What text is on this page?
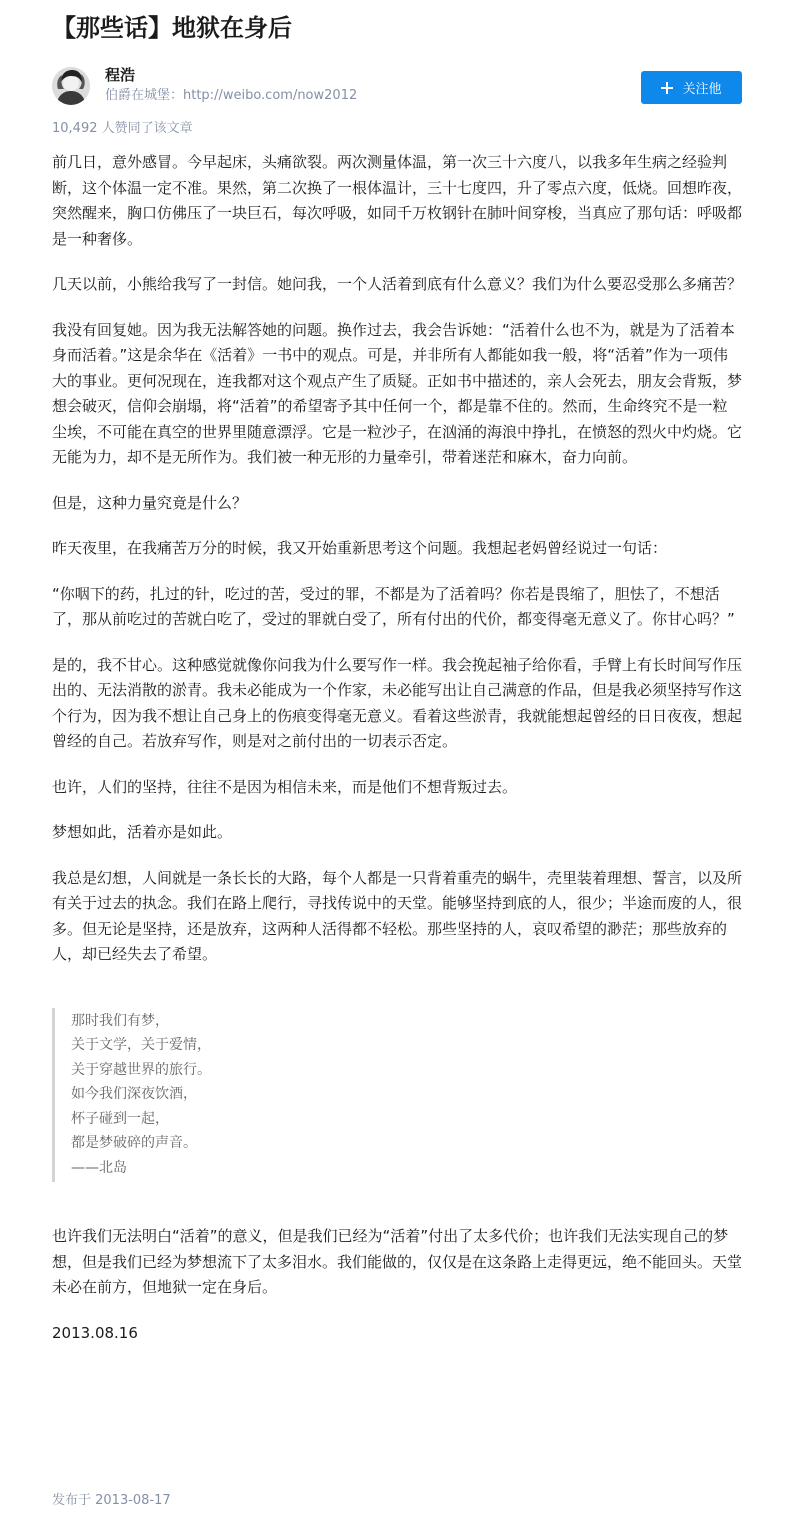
【那些话】地狱在身后
程浩
伯爵在城堡：http://weibo.com/now2012	关注他
10,492 人赞同了该文章

前几日，意外感冒。今早起床，头痛欲裂。两次测量体温，第一次三十六度八，以我多年生病之经验判断，这个体温一定不准。果然，第二次换了一根体温计，三十七度四，升了零点六度，低烧。回想昨夜，突然醒来，胸口仿佛压了一块巨石，每次呼吸，如同千万枚钢针在肺叶间穿梭，当真应了那句话：呼吸都是一种奢侈。

几天以前，小熊给我写了一封信。她问我，一个人活着到底有什么意义？我们为什么要忍受那么多痛苦？

我没有回复她。因为我无法解答她的问题。换作过去，我会告诉她：“活着什么也不为，就是为了活着本身而活着。”这是余华在《活着》一书中的观点。可是，并非所有人都能如我一般，将“活着”作为一项伟大的事业。更何况现在，连我都对这个观点产生了质疑。正如书中描述的，亲人会死去，朋友会背叛，梦想会破灭，信仰会崩塌，将“活着”的希望寄予其中任何一个，都是靠不住的。然而，生命终究不是一粒尘埃，不可能在真空的世界里随意漂浮。它是一粒沙子，在汹涌的海浪中挣扎，在愤怒的烈火中灼烧。它无能为力，却不是无所作为。我们被一种无形的力量牵引，带着迷茫和麻木，奋力向前。

但是，这种力量究竟是什么？

昨天夜里，在我痛苦万分的时候，我又开始重新思考这个问题。我想起老妈曾经说过一句话：

“你咽下的药，扎过的针，吃过的苦，受过的罪，不都是为了活着吗？你若是畏缩了，胆怯了，不想活了，那从前吃过的苦就白吃了，受过的罪就白受了，所有付出的代价，都变得毫无意义了。你甘心吗？”

是的，我不甘心。这种感觉就像你问我为什么要写作一样。我会挽起袖子给你看，手臂上有长时间写作压出的、无法消散的淤青。我未必能成为一个作家，未必能写出让自己满意的作品，但是我必须坚持写作这个行为，因为我不想让自己身上的伤痕变得毫无意义。看着这些淤青，我就能想起曾经的日日夜夜，想起曾经的自己。若放弃写作，则是对之前付出的一切表示否定。

也许，人们的坚持，往往不是因为相信未来，而是他们不想背叛过去。

梦想如此，活着亦是如此。

我总是幻想，人间就是一条长长的大路，每个人都是一只背着重壳的蜗牛，壳里装着理想、誓言，以及所有关于过去的执念。我们在路上爬行，寻找传说中的天堂。能够坚持到底的人，很少；半途而废的人，很多。但无论是坚持，还是放弃，这两种人活得都不轻松。那些坚持的人，哀叹希望的渺茫；那些放弃的人，却已经失去了希望。

那时我们有梦，
关于文学，关于爱情，
关于穿越世界的旅行。
如今我们深夜饮酒，
杯子碰到一起，
都是梦破碎的声音。
——北岛

也许我们无法明白“活着”的意义，但是我们已经为“活着”付出了太多代价；也许我们无法实现自己的梦想，但是我们已经为梦想流下了太多泪水。我们能做的，仅仅是在这条路上走得更远，绝不能回头。天堂未必在前方，但地狱一定在身后。

2013.08.16

发布于 2013-08-17
